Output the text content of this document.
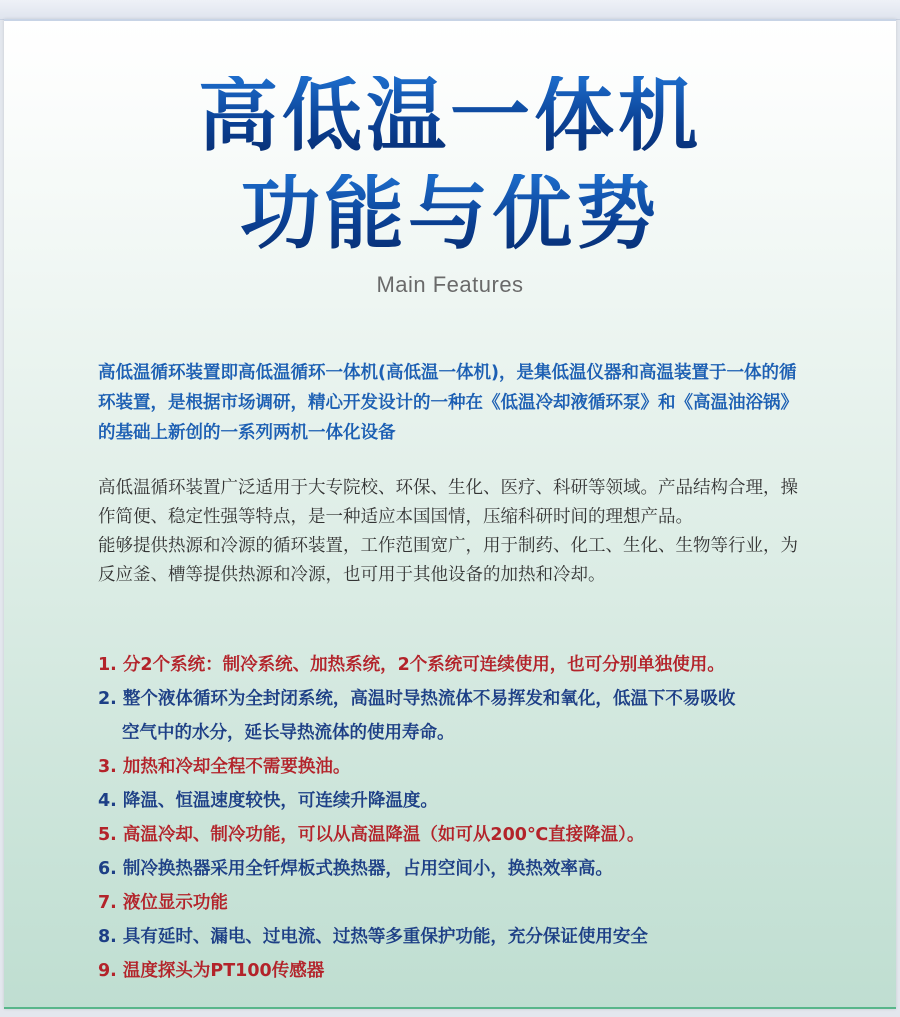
高低温一体机
功能与优势
Main Features

高低温循环装置即高低温循环一体机(高低温一体机)，是集低温仪器和高温装置于一体的循环装置，是根据市场调研，精心开发设计的一种在《低温冷却液循环泵》和《高温油浴锅》的基础上新创的一系列两机一体化设备

高低温循环装置广泛适用于大专院校、环保、生化、医疗、科研等领域。产品结构合理，操作简便、稳定性强等特点，是一种适应本国国情，压缩科研时间的理想产品。

能够提供热源和冷源的循环装置，工作范围宽广，用于制药、化工、生化、生物等行业，为反应釜、槽等提供热源和冷源，也可用于其他设备的加热和冷却。

1. 分2个系统：制冷系统、加热系统，2个系统可连续使用，也可分别单独使用。
2. 整个液体循环为全封闭系统，高温时导热流体不易挥发和氧化，低温下不易吸收
空气中的水分，延长导热流体的使用寿命。
3. 加热和冷却全程不需要换油。
4. 降温、恒温速度较快，可连续升降温度。
5. 高温冷却、制冷功能，可以从高温降温（如可从200℃直接降温）。
6. 制冷换热器采用全钎焊板式换热器，占用空间小，换热效率高。
7. 液位显示功能
8. 具有延时、漏电、过电流、过热等多重保护功能，充分保证使用安全
9. 温度探头为PT100传感器
